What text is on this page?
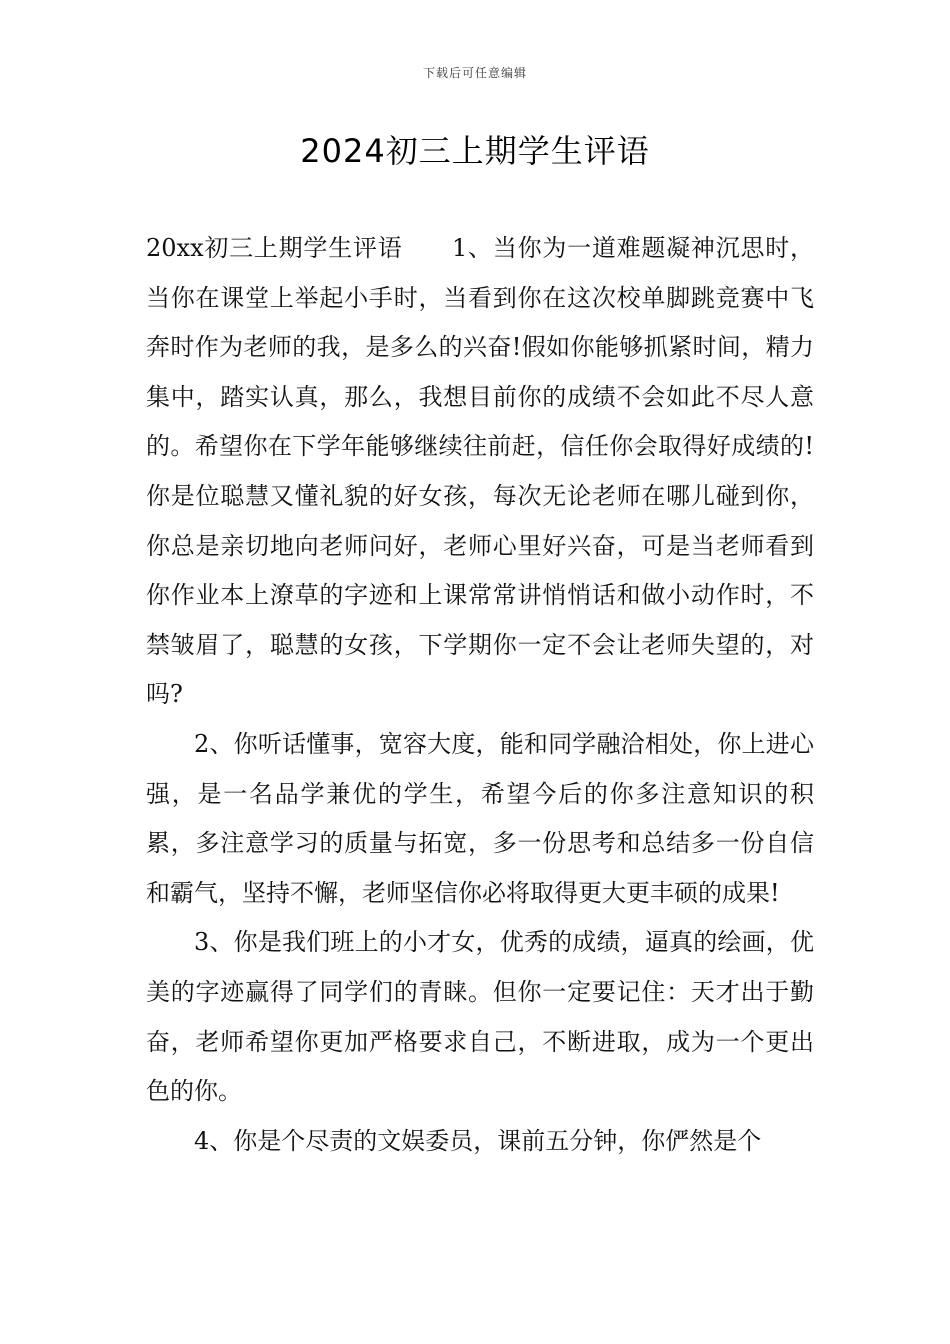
下载后可任意编辑
2024初三上期学生评语

20xx初三上期学生评语　　1、当你为一道难题凝神沉思时，当你在课堂上举起小手时，当看到你在这次校单脚跳竞赛中飞奔时作为老师的我，是多么的兴奋!假如你能够抓紧时间，精力集中，踏实认真，那么，我想目前你的成绩不会如此不尽人意的。希望你在下学年能够继续往前赶，信任你会取得好成绩的!你是位聪慧又懂礼貌的好女孩，每次无论老师在哪儿碰到你，你总是亲切地向老师问好，老师心里好兴奋，可是当老师看到你作业本上潦草的字迹和上课常常讲悄悄话和做小动作时，不禁皱眉了，聪慧的女孩，下学期你一定不会让老师失望的，对吗?

2、你听话懂事，宽容大度，能和同学融洽相处，你上进心强，是一名品学兼优的学生，希望今后的你多注意知识的积累，多注意学习的质量与拓宽，多一份思考和总结多一份自信和霸气，坚持不懈，老师坚信你必将取得更大更丰硕的成果!

3、你是我们班上的小才女，优秀的成绩，逼真的绘画，优美的字迹赢得了同学们的青睐。但你一定要记住：天才出于勤奋，老师希望你更加严格要求自己，不断进取，成为一个更出色的你。

4、你是个尽责的文娱委员，课前五分钟，你俨然是个
